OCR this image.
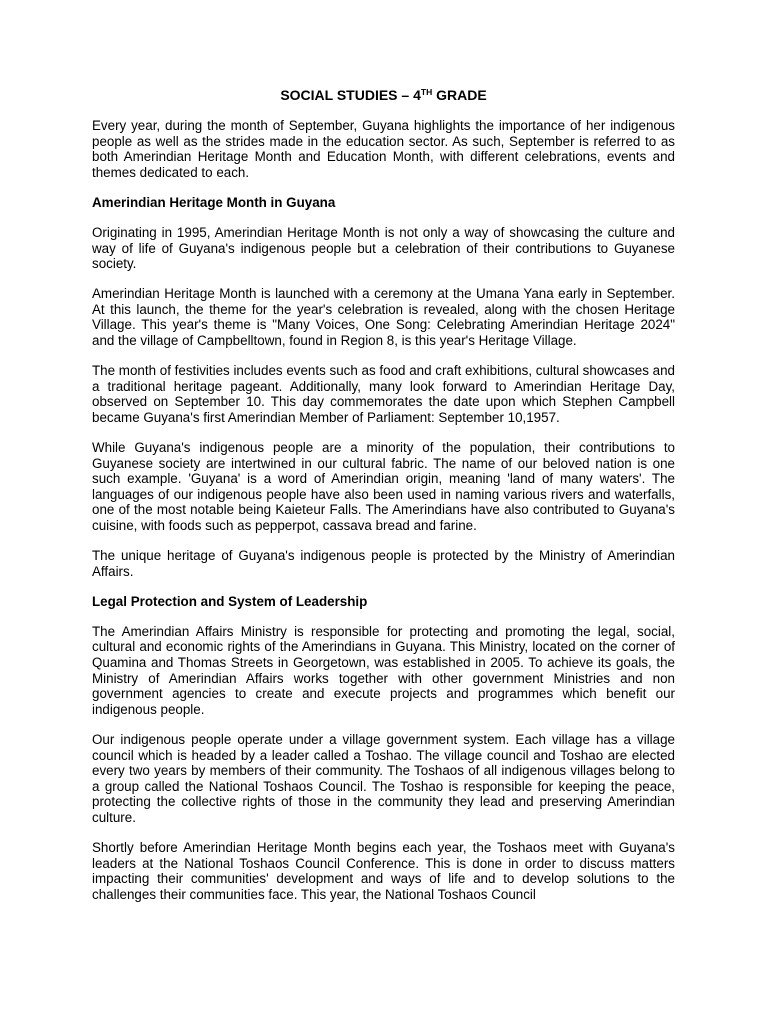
SOCIAL STUDIES – 4TH GRADE

Every year, during the month of September, Guyana highlights the importance of her indigenous people as well as the strides made in the education sector. As such, September is referred to as both Amerindian Heritage Month and Education Month, with different celebrations, events and themes dedicated to each.

Amerindian Heritage Month in Guyana

Originating in 1995, Amerindian Heritage Month is not only a way of showcasing the culture and way of life of Guyana's indigenous people but a celebration of their contributions to Guyanese society.

Amerindian Heritage Month is launched with a ceremony at the Umana Yana early in September. At this launch, the theme for the year's celebration is revealed, along with the chosen Heritage Village. This year's theme is "Many Voices, One Song: Celebrating Amerindian Heritage 2024" and the village of Campbelltown, found in Region 8, is this year's Heritage Village.

The month of festivities includes events such as food and craft exhibitions, cultural showcases and a traditional heritage pageant. Additionally, many look forward to Amerindian Heritage Day, observed on September 10. This day commemorates the date upon which Stephen Campbell became Guyana's first Amerindian Member of Parliament: September 10,1957.

While Guyana's indigenous people are a minority of the population, their contributions to Guyanese society are intertwined in our cultural fabric. The name of our beloved nation is one such example. 'Guyana' is a word of Amerindian origin, meaning 'land of many waters'. The languages of our indigenous people have also been used in naming various rivers and waterfalls, one of the most notable being Kaieteur Falls. The Amerindians have also contributed to Guyana's cuisine, with foods such as pepperpot, cassava bread and farine.

The unique heritage of Guyana's indigenous people is protected by the Ministry of Amerindian Affairs.

Legal Protection and System of Leadership

The Amerindian Affairs Ministry is responsible for protecting and promoting the legal, social, cultural and economic rights of the Amerindians in Guyana. This Ministry, located on the corner of Quamina and Thomas Streets in Georgetown, was established in 2005. To achieve its goals, the Ministry of Amerindian Affairs works together with other government Ministries and non government agencies to create and execute projects and programmes which benefit our indigenous people.

Our indigenous people operate under a village government system. Each village has a village council which is headed by a leader called a Toshao. The village council and Toshao are elected every two years by members of their community. The Toshaos of all indigenous villages belong to a group called the National Toshaos Council. The Toshao is responsible for keeping the peace, protecting the collective rights of those in the community they lead and preserving Amerindian culture.

Shortly before Amerindian Heritage Month begins each year, the Toshaos meet with Guyana's leaders at the National Toshaos Council Conference. This is done in order to discuss matters impacting their communities' development and ways of life and to develop solutions to the challenges their communities face. This year, the National Toshaos Council
